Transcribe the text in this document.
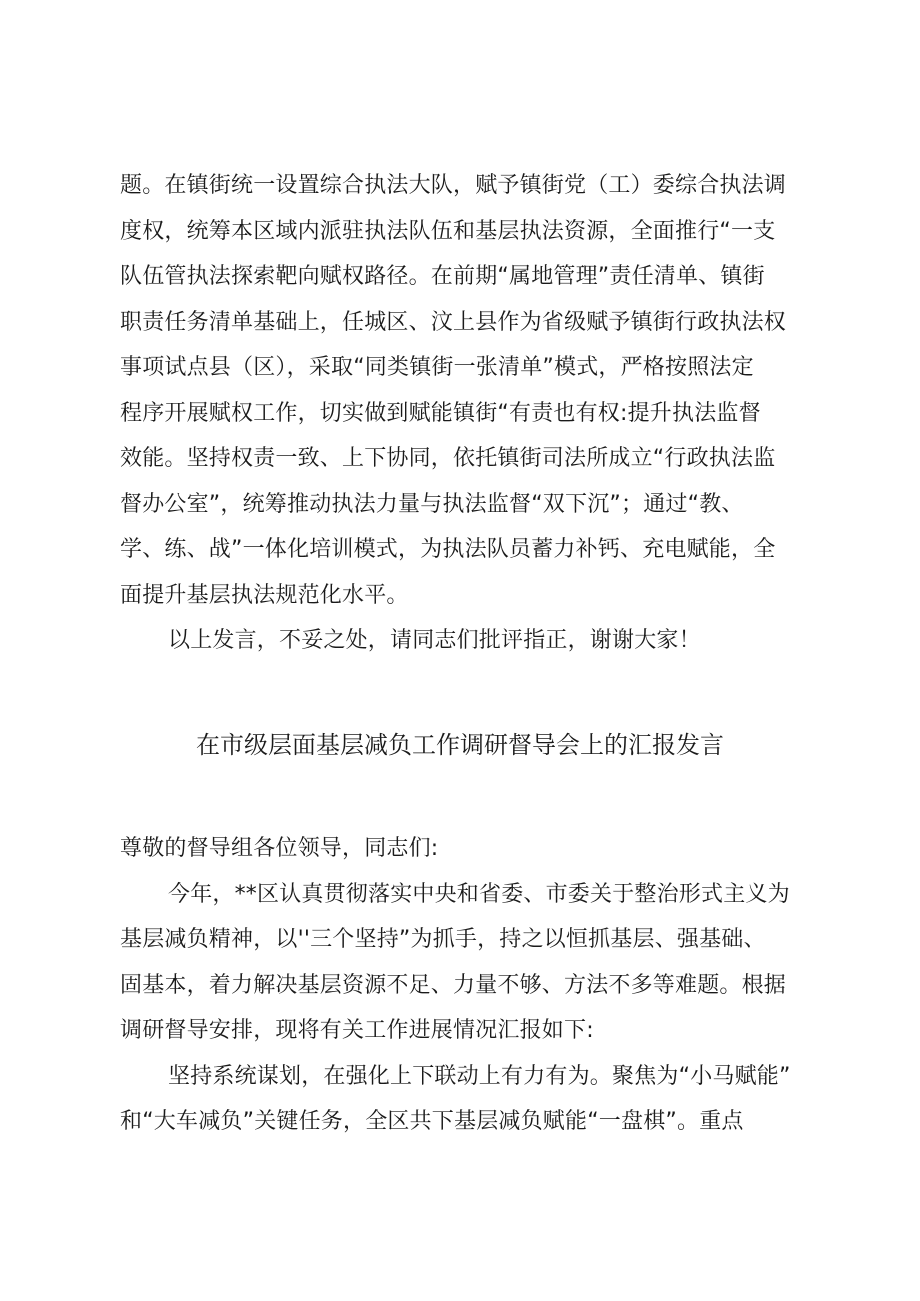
题。在镇街统一设置综合执法大队，赋予镇街党（工）委综合执法调
度权，统筹本区域内派驻执法队伍和基层执法资源，全面推行“一支
队伍管执法探索靶向赋权路径。在前期“属地管理”责任清单、镇街
职责任务清单基础上，任城区、汶上县作为省级赋予镇街行政执法权
事项试点县（区），采取“同类镇街一张清单”模式，严格按照法定
程序开展赋权工作，切实做到赋能镇街“有责也有权:提升执法监督
效能。坚持权责一致、上下协同，依托镇街司法所成立“行政执法监
督办公室”，统筹推动执法力量与执法监督“双下沉”；通过“教、
学、练、战”一体化培训模式，为执法队员蓄力补钙、充电赋能，全
面提升基层执法规范化水平。
以上发言，不妥之处，请同志们批评指正，谢谢大家！
在市级层面基层减负工作调研督导会上的汇报发言
尊敬的督导组各位领导，同志们:
今年，**区认真贯彻落实中央和省委、市委关于整治形式主义为
基层减负精神，以''三个坚持”为抓手，持之以恒抓基层、强基础、
固基本，着力解决基层资源不足、力量不够、方法不多等难题。根据
调研督导安排，现将有关工作进展情况汇报如下:
坚持系统谋划，在强化上下联动上有力有为。聚焦为“小马赋能”
和“大车减负”关键任务，全区共下基层减负赋能“一盘棋”。重点
